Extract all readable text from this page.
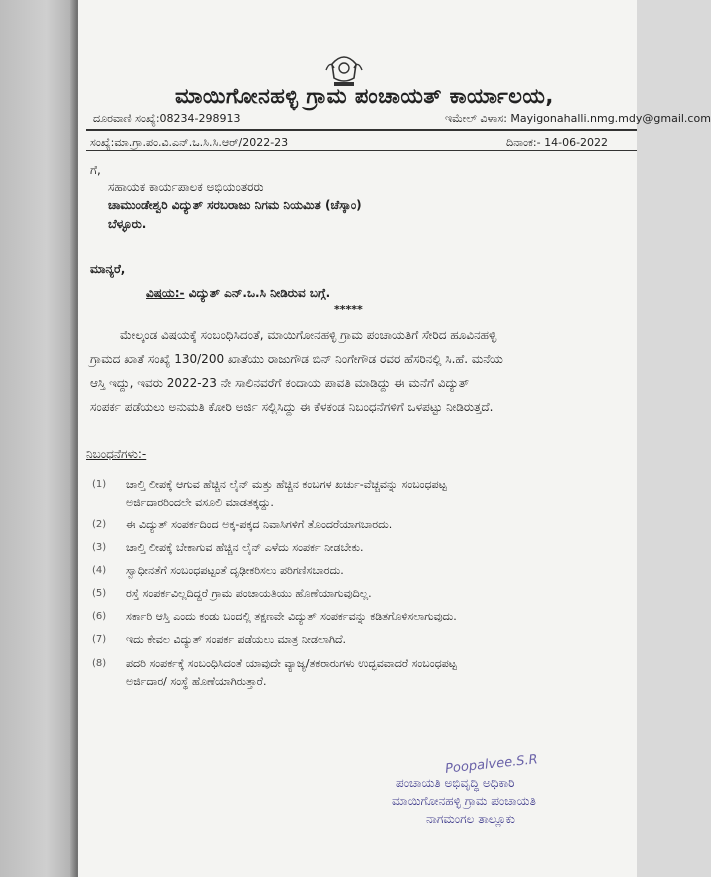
ಮಾಯಿಗೋನಹಳ್ಳಿ ಗ್ರಾಮ ಪಂಚಾಯತ್ ಕಾರ್ಯಾಲಯ,
ದೂರವಾಣಿ ಸಂಖ್ಯೆ:08234-298913	ಇಮೇಲ್ ವಿಳಾಸ: Mayigonahalli.nmg.mdy@gmail.com
ಸಂಖ್ಯೆ:ಮಾ.ಗ್ರಾ.ಪಂ.ವಿ.ಎನ್.ಒ.ಸಿ.ಸಿ.ಆರ್/2022-23	ದಿನಾಂಕ:- 14-06-2022
ಗೆ,
ಸಹಾಯಕ ಕಾರ್ಯಪಾಲಕ ಅಭಿಯಂತರರು
ಚಾಮುಂಡೇಶ್ವರಿ ವಿದ್ಯುತ್ ಸರಬರಾಜು ನಿಗಮ ನಿಯಮಿತ (ಚೆಸ್ಕಾಂ)
ಬೆಳ್ಳೂರು.
ಮಾನ್ಯರೆ,
ವಿಷಯ:- ವಿದ್ಯುತ್ ಎನ್.ಒ.ಸಿ ನೀಡಿರುವ ಬಗ್ಗೆ.
*****
ಮೇಲ್ಕಂಡ ವಿಷಯಕ್ಕೆ ಸಂಬಂಧಿಸಿದಂತೆ, ಮಾಯಿಗೋನಹಳ್ಳಿ ಗ್ರಾಮ ಪಂಚಾಯತಿಗೆ ಸೇರಿದ ಹೂವಿನಹಳ್ಳಿ
ಗ್ರಾಮದ ಖಾತೆ ಸಂಖ್ಯೆ 130/200 ಖಾತೆಯು ರಾಜುಗೌಡ ಬಿನ್ ನಿಂಗೇಗೌಡ ರವರ ಹೆಸರಿನಲ್ಲಿ ಸಿ.ಹೆ. ಮನೆಯ
ಆಸ್ತಿ ಇದ್ದು, ಇವರು 2022-23 ನೇ ಸಾಲಿನವರೆಗೆ ಕಂದಾಯ ಪಾವತಿ ಮಾಡಿದ್ದು ಈ ಮನೆಗೆ ವಿದ್ಯುತ್
ಸಂಪರ್ಕ ಪಡೆಯಲು ಅನುಮತಿ ಕೋರಿ ಅರ್ಜಿ ಸಲ್ಲಿಸಿದ್ದು ಈ ಕೆಳಕಂಡ ನಿಬಂಧನೆಗಳಿಗೆ ಒಳಪಟ್ಟು ನೀಡಿರುತ್ತದೆ.
ನಿಬಂಧನೆಗಳು:-
(1) ಚಾಲ್ತಿ ಲೀಪಕ್ಕೆ ಆಗುವ ಹೆಚ್ಚಿನ ಲೈನ್ ಮತ್ತು ಹೆಚ್ಚಿನ ಕಂಬಗಳ ಖರ್ಚು-ವೆಚ್ಚವನ್ನು ಸಂಬಂಧಪಟ್ಟ
ಅರ್ಜಿದಾರರಿಂದಲೇ ವಸೂಲಿ ಮಾಡತಕ್ಕದ್ದು.
(2) ಈ ವಿದ್ಯುತ್ ಸಂಪರ್ಕದಿಂದ ಅಕ್ಕ-ಪಕ್ಕದ ನಿವಾಸಿಗಳಿಗೆ ತೊಂದರೆಯಾಗಬಾರದು.
(3) ಚಾಲ್ತಿ ಲೀಪಕ್ಕೆ ಬೇಕಾಗುವ ಹೆಚ್ಚಿನ ಲೈನ್ ಎಳೆದು ಸಂಪರ್ಕ ನೀಡಬೇಕು.
(4) ಸ್ವಾಧೀನತೆಗೆ ಸಂಬಂಧಪಟ್ಟಂತೆ ದೃಢೀಕರಿಸಲು ಪರಿಗಣಿಸಬಾರದು.
(5) ರಸ್ತೆ ಸಂಪರ್ಕವಿಲ್ಲದಿದ್ದರೆ ಗ್ರಾಮ ಪಂಚಾಯತಿಯು ಹೊಣೆಯಾಗುವುದಿಲ್ಲ.
(6) ಸರ್ಕಾರಿ ಆಸ್ತಿ ಎಂದು ಕಂಡು ಬಂದಲ್ಲಿ ತಕ್ಷಣವೇ ವಿದ್ಯುತ್ ಸಂಪರ್ಕವನ್ನು ಕಡಿತಗೊಳಿಸಲಾಗುವುದು.
(7) ಇದು ಕೇವಲ ವಿದ್ಯುತ್ ಸಂಪರ್ಕ ಪಡೆಯಲು ಮಾತ್ರ ನೀಡಲಾಗಿದೆ.
(8) ಪದರಿ ಸಂಪರ್ಕಕ್ಕೆ ಸಂಬಂಧಿಸಿದಂತೆ ಯಾವುದೇ ವ್ಯಾಜ್ಯ/ತಕರಾರುಗಳು ಉದ್ಭವವಾದರೆ ಸಂಬಂಧಪಟ್ಟ
ಅರ್ಜಿದಾರ/ ಸಂಸ್ಥೆ ಹೊಣೆಯಾಗಿರುತ್ತಾರೆ.
Poopalvee.S.R
ಪಂಚಾಯತಿ ಅಭಿವೃದ್ಧಿ ಅಧಿಕಾರಿ
ಮಾಯಿಗೋನಹಳ್ಳಿ ಗ್ರಾಮ ಪಂಚಾಯತಿ
ನಾಗಮಂಗಲ ತಾಲ್ಲೂಕು
